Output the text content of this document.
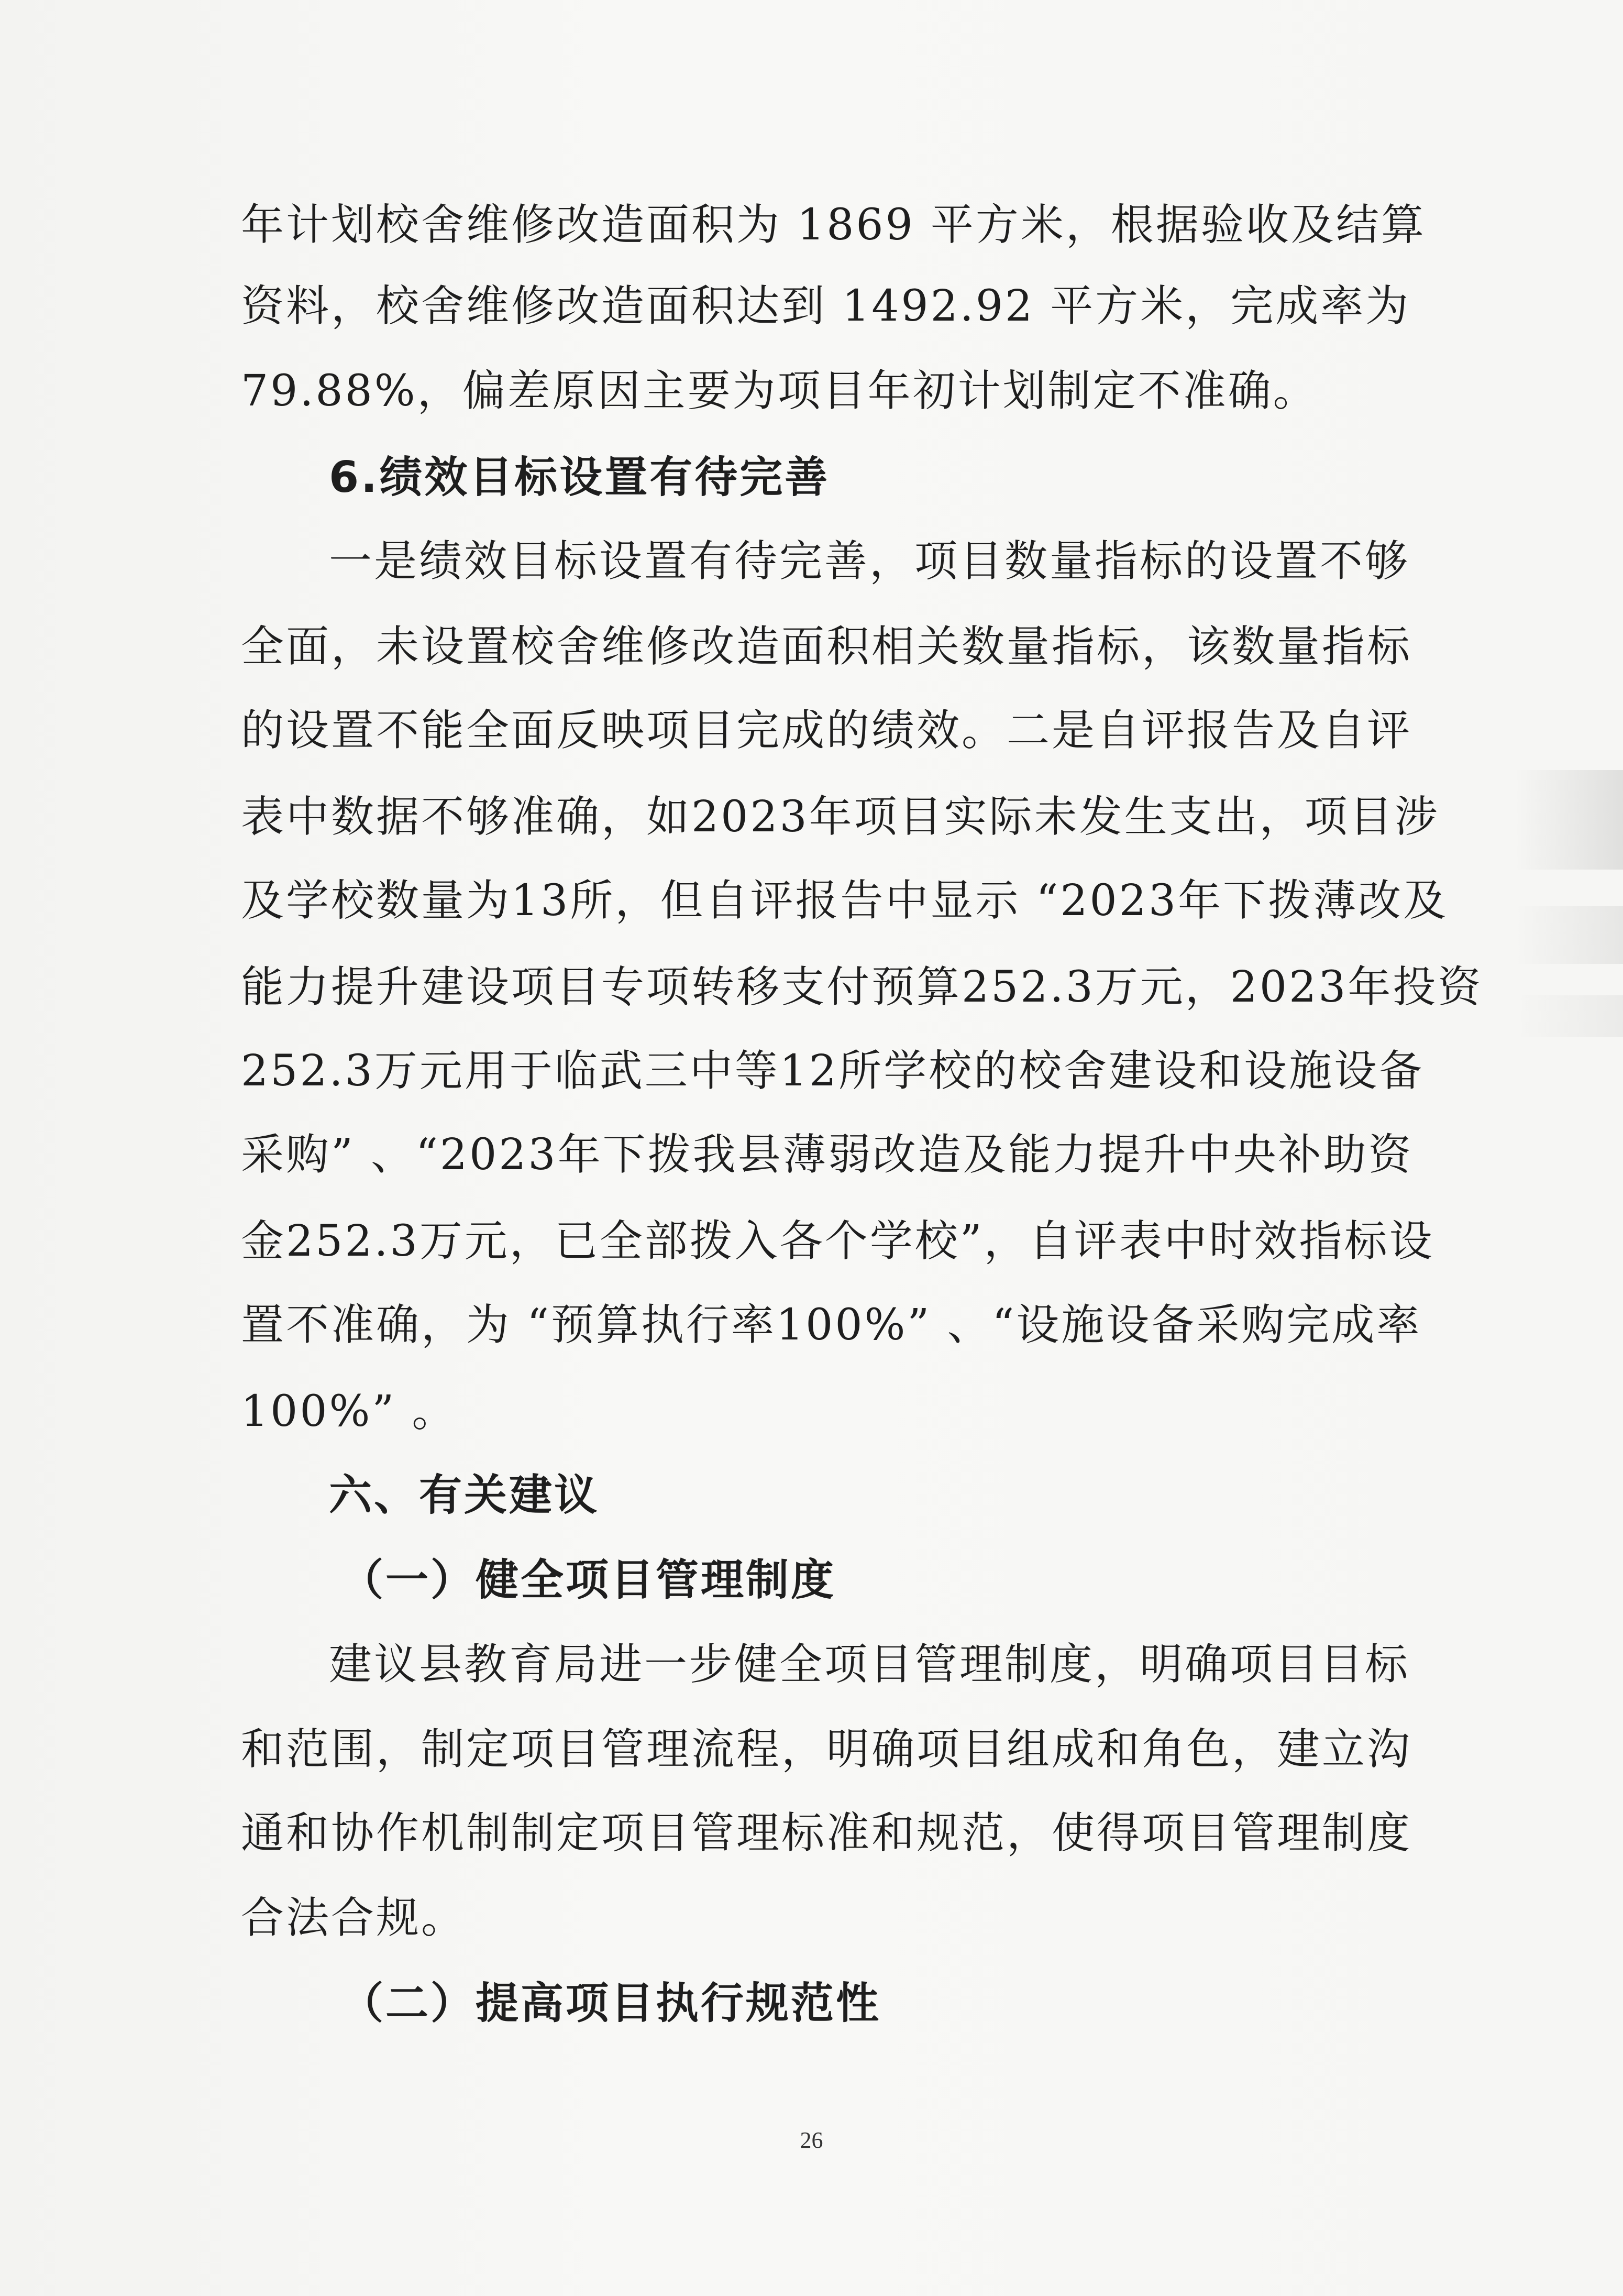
年计划校舍维修改造面积为 1869 平方米，根据验收及结算
资料，校舍维修改造面积达到 1492.92 平方米，完成率为
79.88%，偏差原因主要为项目年初计划制定不准确。
6.绩效目标设置有待完善
一是绩效目标设置有待完善，项目数量指标的设置不够
全面，未设置校舍维修改造面积相关数量指标，该数量指标
的设置不能全面反映项目完成的绩效。二是自评报告及自评
表中数据不够准确，如2023年项目实际未发生支出，项目涉
及学校数量为13所，但自评报告中显示 “2023年下拨薄改及
能力提升建设项目专项转移支付预算252.3万元，2023年投资
252.3万元用于临武三中等12所学校的校舍建设和设施设备
采购” 、“2023年下拨我县薄弱改造及能力提升中央补助资
金252.3万元，已全部拨入各个学校”，自评表中时效指标设
置不准确，为 “预算执行率100%” 、“设施设备采购完成率
100%” 。
六、有关建议
（一）健全项目管理制度
建议县教育局进一步健全项目管理制度，明确项目目标
和范围，制定项目管理流程，明确项目组成和角色，建立沟
通和协作机制制定项目管理标准和规范，使得项目管理制度
合法合规。
（二）提高项目执行规范性
26
